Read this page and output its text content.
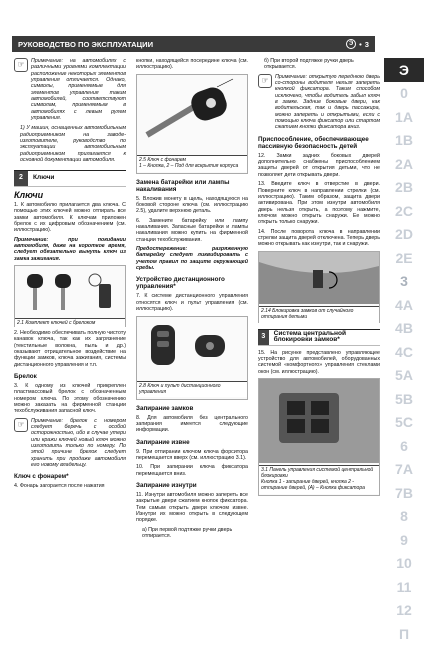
РУКОВОДСТВО ПО ЭКСПЛУАТАЦИИ	Э • 3
Э
0
1A
1B
2A
2B
2C
2D
2E
3
4A
4B
4C
5A
5B
5C
6
7A
7B
8
9
10
11
12
П
☞	Примечание: на автомобилях с различными уровнями комплектации расположение некоторых элементов управления отличается. Однако, символы, применяемые для элементов управления таким автомобилей, соответствуют символам, применяемым в автомобилях с левым рулем управления.
1) У машин, оснащенных автомобильным радиоприемником на заводе-изготовителе, руководство по эксплуатации автомобильным радиоприемником прилагается к основной документации автомобиля.
2	Ключи
Ключи
1. К автомобилю прилагается два ключа. С помощью этих ключей можно отпирать все замки автомобиля. К ключам приложен брелок с их цифровым обозначением (см. иллюстрацию).
Примечание: при покидании автомобиля, даже на короткое время, следует обязательно вынуть ключ из замка зажигания.
2.1 Комплект ключей с брелоком
2. Необходимо обеспечивать полную чистоту канавок ключа, так как их загрязнение (текстильные волокна, пыль и др.) оказывают отрицательное воздействие на функции замков, ключа зажигания, системы дистанционного управления и т.п.
Брелок
3. К одному из ключей прикреплен пластмассовый брелок с обозначенным номером ключа. По этому обозначению можно заказать на фирменной станции техобслуживания запасной ключ.
☞	Примечание: брелок с номером следует беречь с особой осторожностью, ибо в случае утери или кражи ключей новый ключ можно изготовить только по номеру. По этой причине брелок следует хранить при продаже автомобиля его новому владельцу.
Ключ с фонарем*
4. Фонарь загорается после нажатия
кнопки, находящейся посередине ключа (см. иллюстрацию).
2.5 Ключ с фонарем
1 – Кнопка, 2 – Под для вскрытия корпуса
Замена батарейки или лампы накаливания
5. Вложив монету в щель, находящуюся на боковой стороне ключа (см. иллюстрацию 2.5), удалите верхнюю деталь.
6. Замените батарейку или лампу накаливания. Запасные батарейки и лампы накаливания можно купить на фирменной станции техобслуживания.
Предостережение: разряженную батарейку следует ликвидировать с учетом правил по защите окружающей среды.
Устройство дистанционного управления*
7. К системе дистанционного управления относятся ключ и пульт управления (см. иллюстрацию).
2.8 Ключ и пульт дистанционного управления
Запирание замков
8. Для автомобиля без центрального запирания имеется следующие информации.
Запирание извне
9. При отпирании ключом ключа форситора перемещается вверх (см. иллюстрацию 3.1).
10. При запирании ключа фиксатора перемещается вниз.
Запирание изнутри
11. Изнутри автомобиля можно запереть все закрытые двери сжатием кнопок фиксатора. Тем самым открыть двери ключом извне. Изнутри их можно открыть в следующем порядке.
а) При первой подтяжке ручки дверь отпирается.
б) При второй подтяжке ручки дверь открывается.
☞	Примечание: открытую переднюю дверь со-стороны водителя нельзя запереть кнопкой фиксатора. Таким способом исключено, чтобы водитель забыл ключ в замке. Задние боковые двери, как водительская, так и дверь пассажира, можно запереть и открытыми, если с помощью ключа фиксатор или стартом сжатием кнопки фиксатора вниз.
Приспособление, обеспечивающее пассивную безопасность детей
12. Замки задних боковых дверей дополнительно снабжены приспособлением защиты дверей от открытия детьми, что не позволяет дети открывать двери.
13. Введите ключ в отверстие в двери. Поверните ключ в направлении стрелки (см. иллюстрацию). Таким образом, защита двери активирована. При этом изнутри автомобиля дверь нельзя открыть, а поэтому нажмите, ключом можно открыть снаружи. Ее можно открыть только снаружи.
14. После поворота ключа в направлении стрелки защита дверей отключена. Теперь дверь можно открывать как изнутри, так и снаружи.
2.14 Блокировка замков от случайного отпирания детьми
3	Система центральной блокировки замков*
15. На рисунке представлено управляющее устройство для автомобилей, оборудованных системой «комфортного» управления стеклами окон (см. иллюстрацию).
3.1 Панель управления системой центральной блокировки
Кнопка 1 - запирание дверей, кнопка 2 - отпирание дверей, (А) – Кнопка фиксатора
